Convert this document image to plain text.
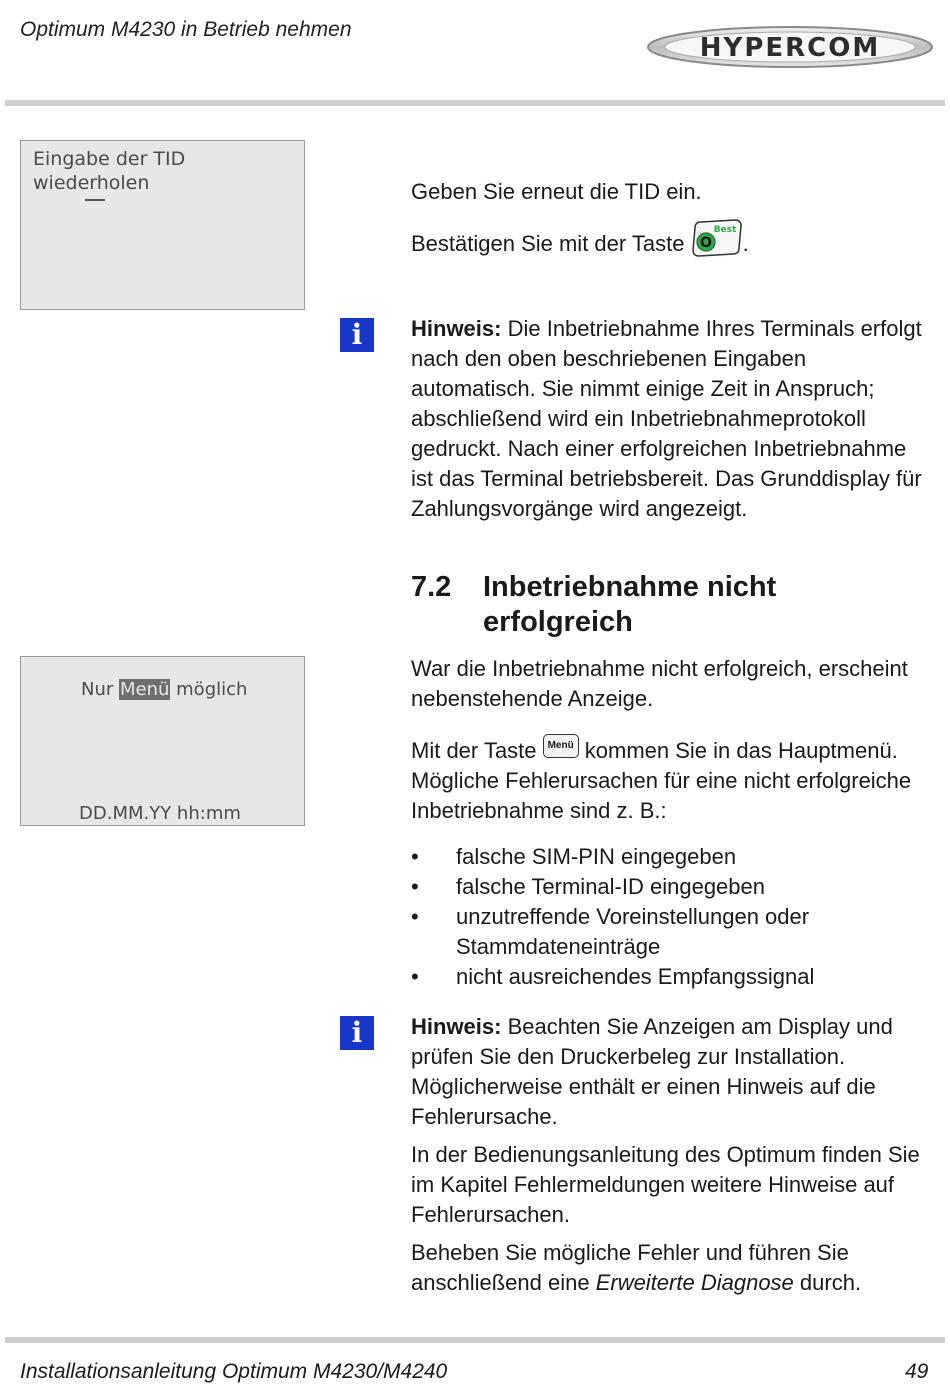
Optimum M4230 in Betrieb nehmen
HYPERCOM
Eingabe der TID
wiederholen	Geben Sie erneut die TID ein.

Bestätigen Sie mit der Taste O
Best
.

i	Hinweis: Die Inbetriebnahme Ihres Terminals erfolgt nach den oben beschriebenen Eingaben automatisch. Sie nimmt einige Zeit in Anspruch; abschließend wird ein Inbetriebnahmeprotokoll gedruckt. Nach einer erfolgreichen Inbetriebnahme ist das Terminal betriebsbereit. Das Grunddisplay für Zahlungsvorgänge wird angezeigt.

7.2 Inbetriebnahme nicht erfolgreich
Nur Menü möglich
DD.MM.YY hh:mm

War die Inbetriebnahme nicht erfolgreich, erscheint nebenstehende Anzeige.

Mit der Taste Menü kommen Sie in das Hauptmenü. Mögliche Fehlerursachen für eine nicht erfolgreiche Inbetriebnahme sind z. B.:

• falsche SIM-PIN eingegeben
• falsche Terminal-ID eingegeben
• unzutreffende Voreinstellungen oder Stammdateneinträge
• nicht ausreichendes Empfangssignal
i	Hinweis: Beachten Sie Anzeigen am Display und prüfen Sie den Druckerbeleg zur Installation. Möglicherweise enthält er einen Hinweis auf die Fehlerursache.

In der Bedienungsanleitung des Optimum finden Sie im Kapitel Fehlermeldungen weitere Hinweise auf Fehlerursachen.

Beheben Sie mögliche Fehler und führen Sie anschließend eine Erweiterte Diagnose durch.

Installationsanleitung Optimum M4230/M4240	49
